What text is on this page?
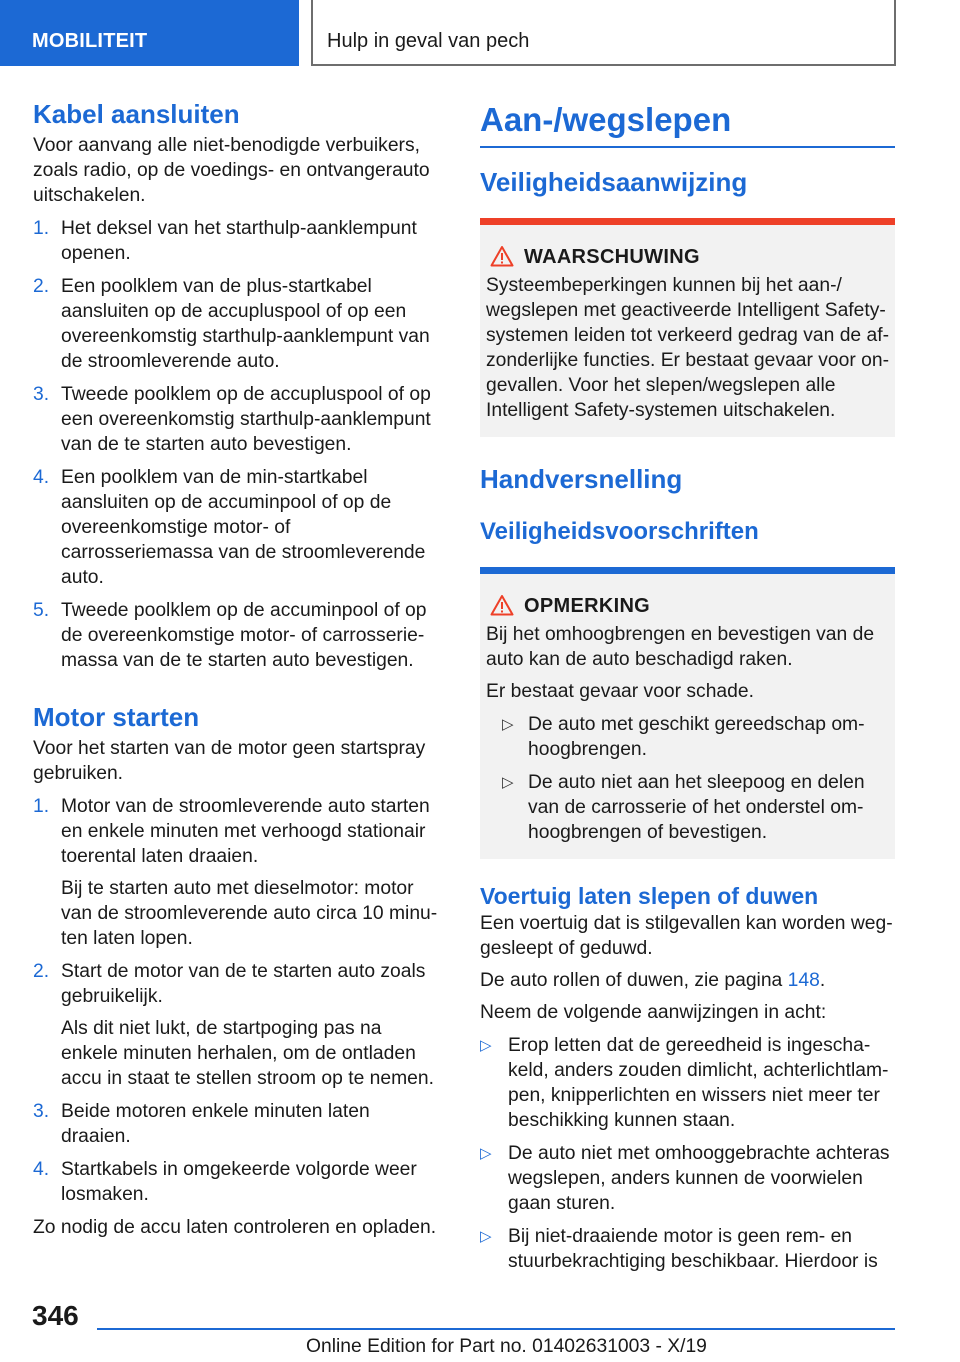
MOBILITEIT	Hulp in geval van pech
Kabel aansluiten

Voor aanvang alle niet-benodigde verbuikers, zoals radio, op de voedings- en ontvangerauto uitschakelen.

1. Het deksel van het starthulp-aanklempunt openen.
2. Een poolklem van de plus-startkabel aansluiten op de accupluspool of op een overeenkomstig starthulp-aanklempunt van de stroomleverende auto.
3. Tweede poolklem op de accupluspool of op een overeenkomstig starthulp-aanklempunt van de te starten auto bevestigen.
4. Een poolklem van de min-startkabel aansluiten op de accuminpool of op de overeenkomstige motor- of carrosseriemassa van de stroomleverende auto.
5. Tweede poolklem op de accuminpool of op de overeenkomstige motor- of carrosseriemassa van de te starten auto bevestigen.
Motor starten

Voor het starten van de motor geen startspray gebruiken.

1. Motor van de stroomleverende auto starten en enkele minuten met verhoogd stationair toerental laten draaien.

Bij te starten auto met dieselmotor: motor van de stroomleverende auto circa 10 minuten laten lopen.

2. Start de motor van de te starten auto zoals gebruikelijk.

Als dit niet lukt, de startpoging pas na enkele minuten herhalen, om de ontladen accu in staat te stellen stroom op te nemen.

3. Beide motoren enkele minuten laten draaien.
4. Startkabels in omgekeerde volgorde weer losmaken.

Zo nodig de accu laten controleren en opladen.

Aan-/wegslepen
Veiligheidsaanwijzing
WAARSCHUWING

Systeembeperkingen kunnen bij het aan-/ wegslepen met geactiveerde Intelligent Safety-systemen leiden tot verkeerd gedrag van de afzonderlijke functies. Er bestaat gevaar voor ongevallen. Voor het slepen/wegslepen alle Intelligent Safety-systemen uitschakelen.

Handversnelling
Veiligheidsvoorschriften
OPMERKING

Bij het omhoogbrengen en bevestigen van de auto kan de auto beschadigd raken.

Er bestaat gevaar voor schade.

▷ De auto met geschikt gereedschap omhoogbrengen.
▷ De auto niet aan het sleepoog en delen van de carrosserie of het onderstel omhoogbrengen of bevestigen.
Voertuig laten slepen of duwen

Een voertuig dat is stilgevallen kan worden weggesleept of geduwd.

De auto rollen of duwen, zie pagina 148.

Neem de volgende aanwijzingen in acht:

▷ Erop letten dat de gereedheid is ingeschakeld, anders zouden dimlicht, achterlichtlampen, knipperlichten en wissers niet meer ter beschikking kunnen staan.
▷ De auto niet met omhooggebrachte achteras wegslepen, anders kunnen de voorwielen gaan sturen.
▷ Bij niet-draaiende motor is geen rem- en stuurbekrachtiging beschikbaar. Hierdoor is
346
Online Edition for Part no. 01402631003 - X/19
